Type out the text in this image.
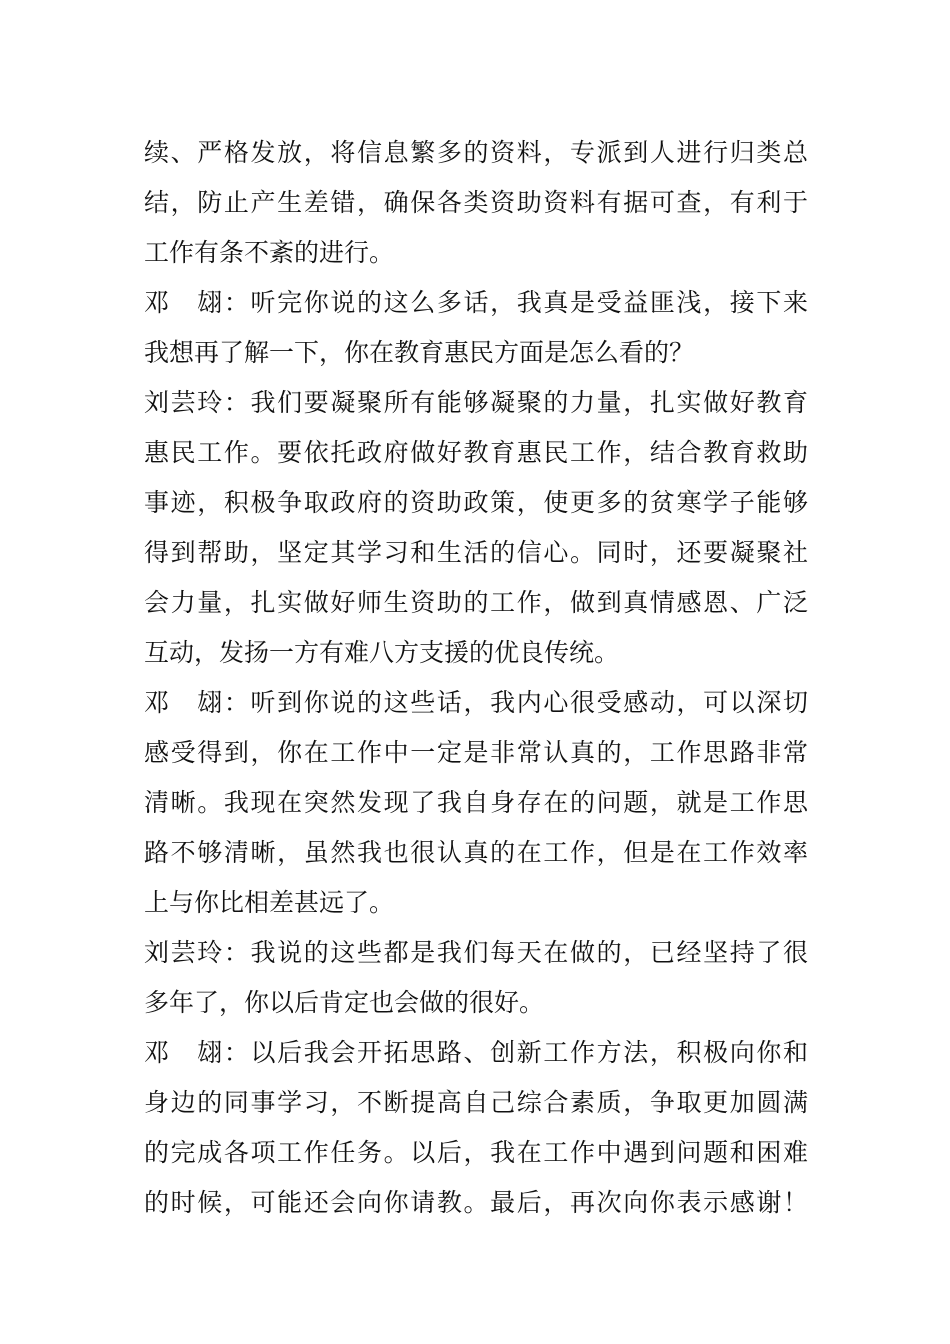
续、严格发放，将信息繁多的资料，专派到人进行归类总
结，防止产生差错，确保各类资助资料有据可查，有利于
工作有条不紊的进行。
邓　翃：听完你说的这么多话，我真是受益匪浅，接下来
我想再了解一下，你在教育惠民方面是怎么看的？
刘芸玲：我们要凝聚所有能够凝聚的力量，扎实做好教育
惠民工作。要依托政府做好教育惠民工作，结合教育救助
事迹，积极争取政府的资助政策，使更多的贫寒学子能够
得到帮助，坚定其学习和生活的信心。同时，还要凝聚社
会力量，扎实做好师生资助的工作，做到真情感恩、广泛
互动，发扬一方有难八方支援的优良传统。
邓　翃：听到你说的这些话，我内心很受感动，可以深切
感受得到，你在工作中一定是非常认真的，工作思路非常
清晰。我现在突然发现了我自身存在的问题，就是工作思
路不够清晰，虽然我也很认真的在工作，但是在工作效率
上与你比相差甚远了。
刘芸玲：我说的这些都是我们每天在做的，已经坚持了很
多年了，你以后肯定也会做的很好。
邓　翃：以后我会开拓思路、创新工作方法，积极向你和
身边的同事学习，不断提高自己综合素质，争取更加圆满
的完成各项工作任务。以后，我在工作中遇到问题和困难
的时候，可能还会向你请教。最后，再次向你表示感谢！
